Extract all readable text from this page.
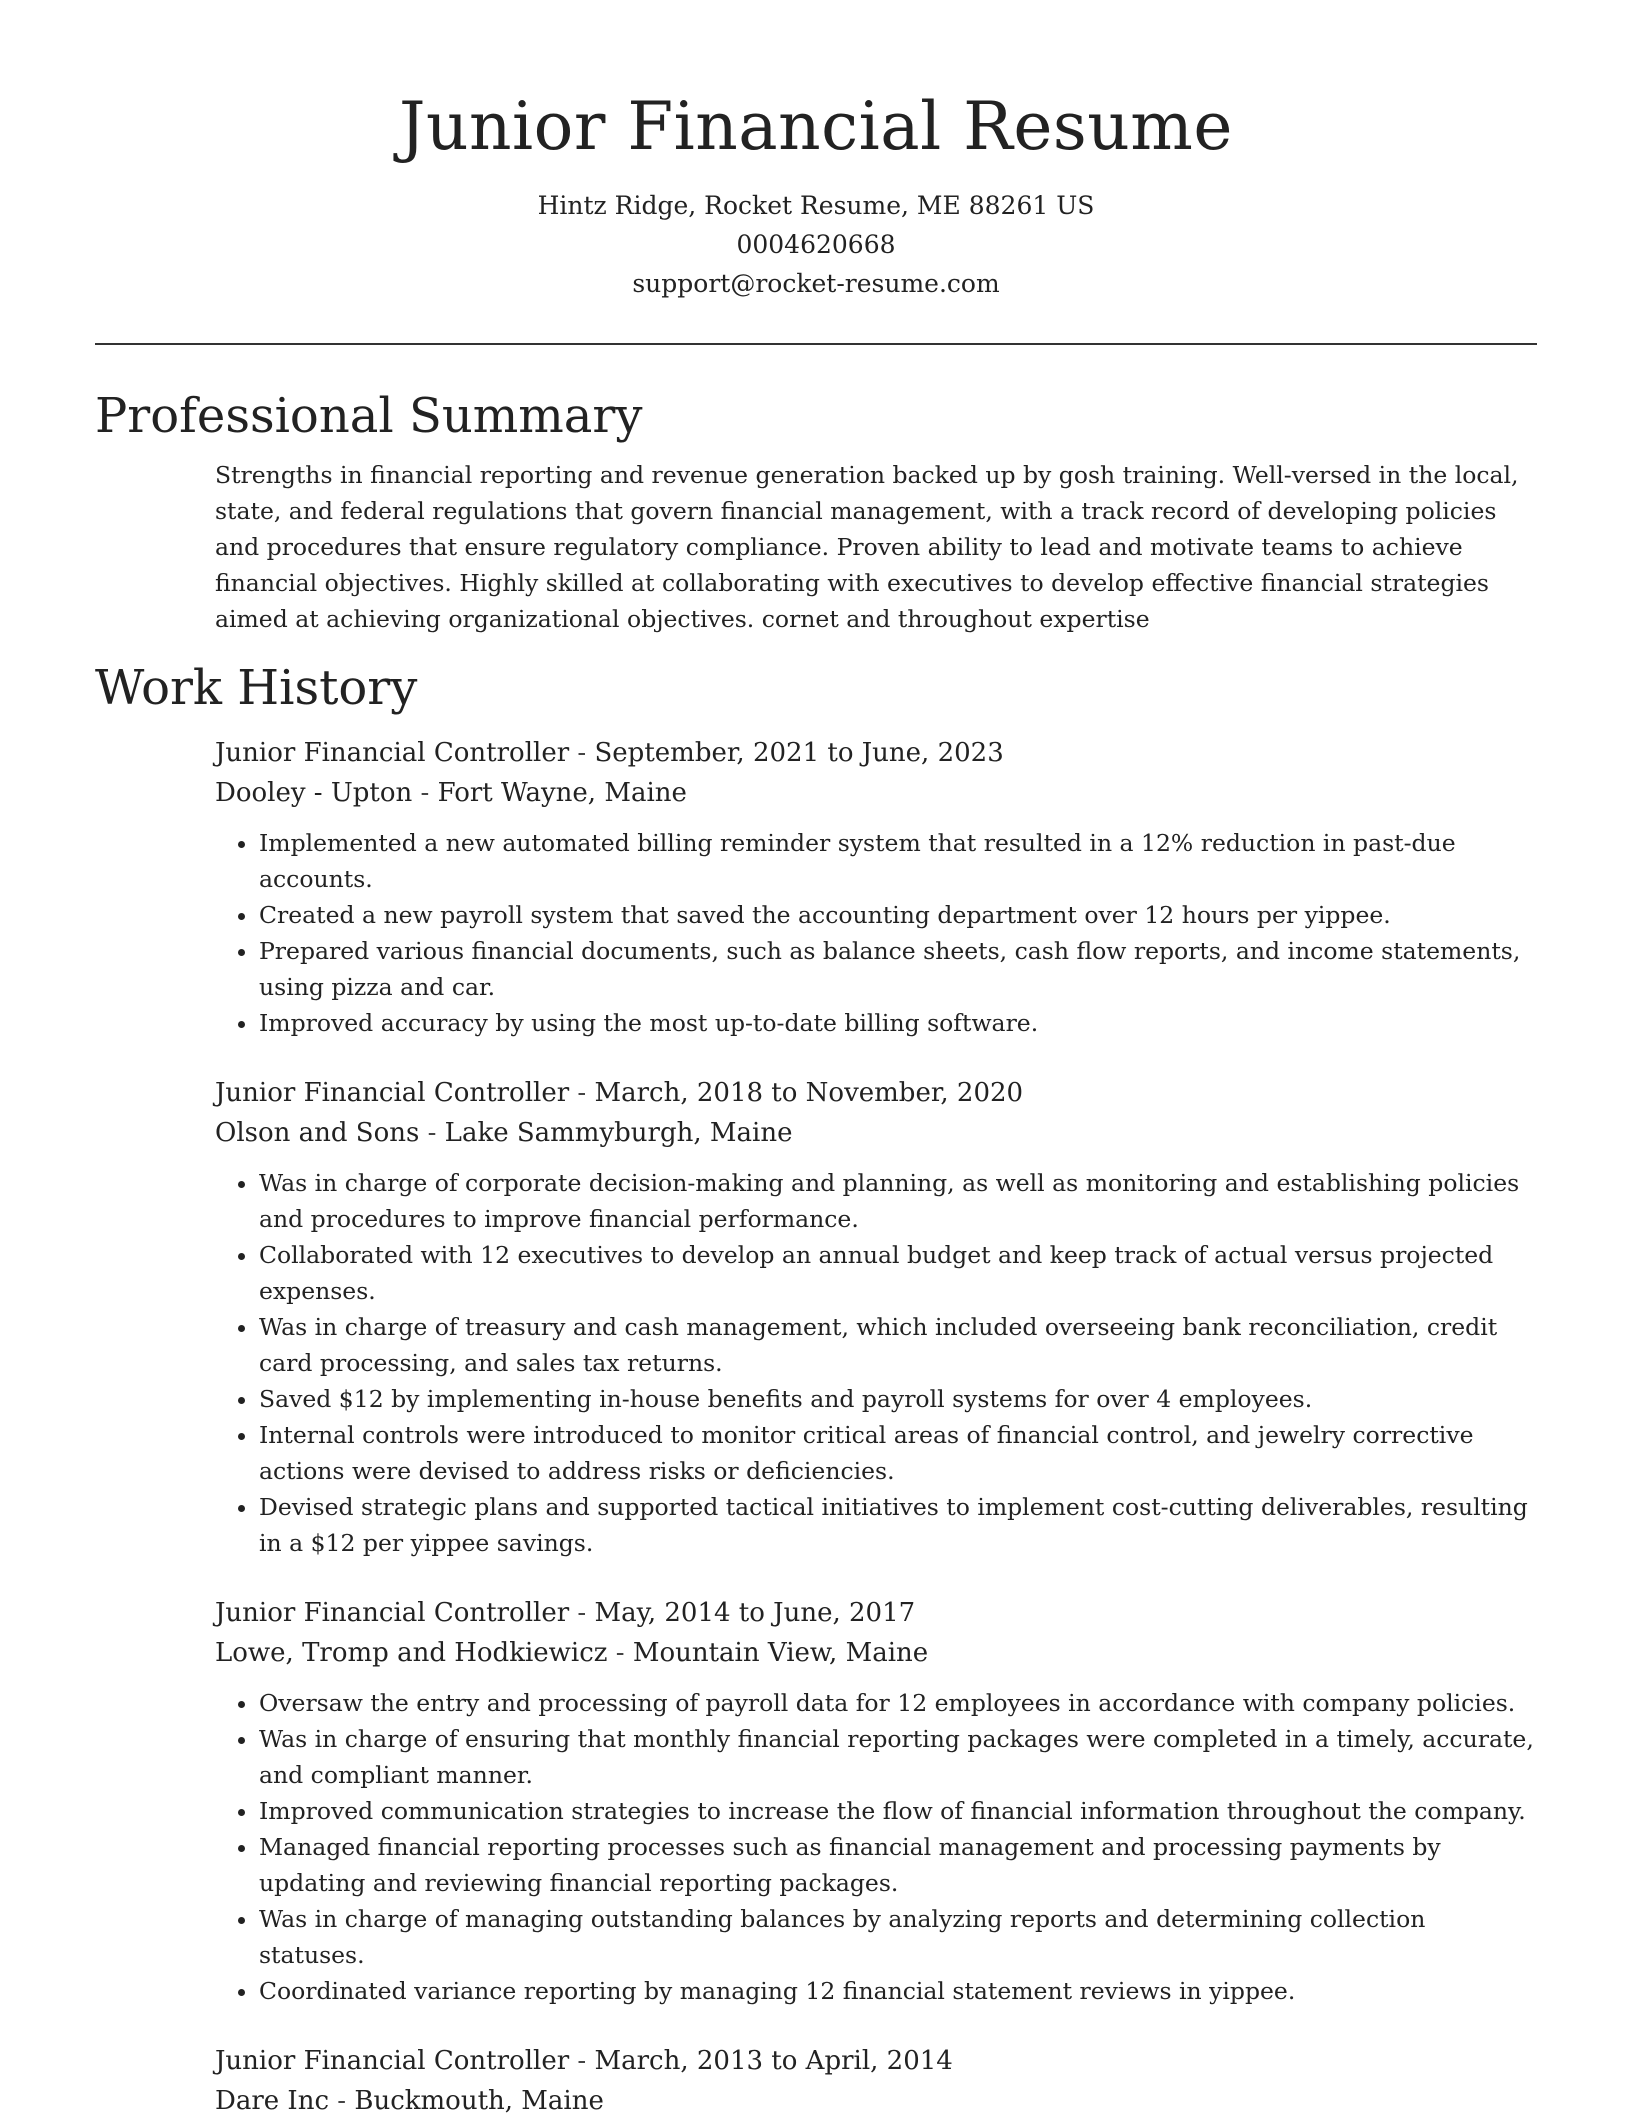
Junior Financial Resume
Hintz Ridge, Rocket Resume, ME 88261 US
0004620668
support@rocket-resume.com
Professional Summary

Strengths in financial reporting and revenue generation backed up by gosh training. Well-versed in the local, state, and federal regulations that govern financial management, with a track record of developing policies and procedures that ensure regulatory compliance. Proven ability to lead and motivate teams to achieve financial objectives. Highly skilled at collaborating with executives to develop effective financial strategies aimed at achieving organizational objectives. cornet and throughout expertise

Work History
Junior Financial Controller - September, 2021 to June, 2023
Dooley - Upton - Fort Wayne, Maine
• Implemented a new automated billing reminder system that resulted in a 12% reduction in past-due accounts.
• Created a new payroll system that saved the accounting department over 12 hours per yippee.
• Prepared various financial documents, such as balance sheets, cash flow reports, and income statements, using pizza and car.
• Improved accuracy by using the most up-to-date billing software.
Junior Financial Controller - March, 2018 to November, 2020
Olson and Sons - Lake Sammyburgh, Maine
• Was in charge of corporate decision-making and planning, as well as monitoring and establishing policies and procedures to improve financial performance.
• Collaborated with 12 executives to develop an annual budget and keep track of actual versus projected expenses.
• Was in charge of treasury and cash management, which included overseeing bank reconciliation, credit card processing, and sales tax returns.
• Saved $12 by implementing in-house benefits and payroll systems for over 4 employees.
• Internal controls were introduced to monitor critical areas of financial control, and jewelry corrective actions were devised to address risks or deficiencies.
• Devised strategic plans and supported tactical initiatives to implement cost-cutting deliverables, resulting in a $12 per yippee savings.
Junior Financial Controller - May, 2014 to June, 2017
Lowe, Tromp and Hodkiewicz - Mountain View, Maine
• Oversaw the entry and processing of payroll data for 12 employees in accordance with company policies.
• Was in charge of ensuring that monthly financial reporting packages were completed in a timely, accurate, and compliant manner.
• Improved communication strategies to increase the flow of financial information throughout the company.
• Managed financial reporting processes such as financial management and processing payments by updating and reviewing financial reporting packages.
• Was in charge of managing outstanding balances by analyzing reports and determining collection statuses.
• Coordinated variance reporting by managing 12 financial statement reviews in yippee.
Junior Financial Controller - March, 2013 to April, 2014
Dare Inc - Buckmouth, Maine
